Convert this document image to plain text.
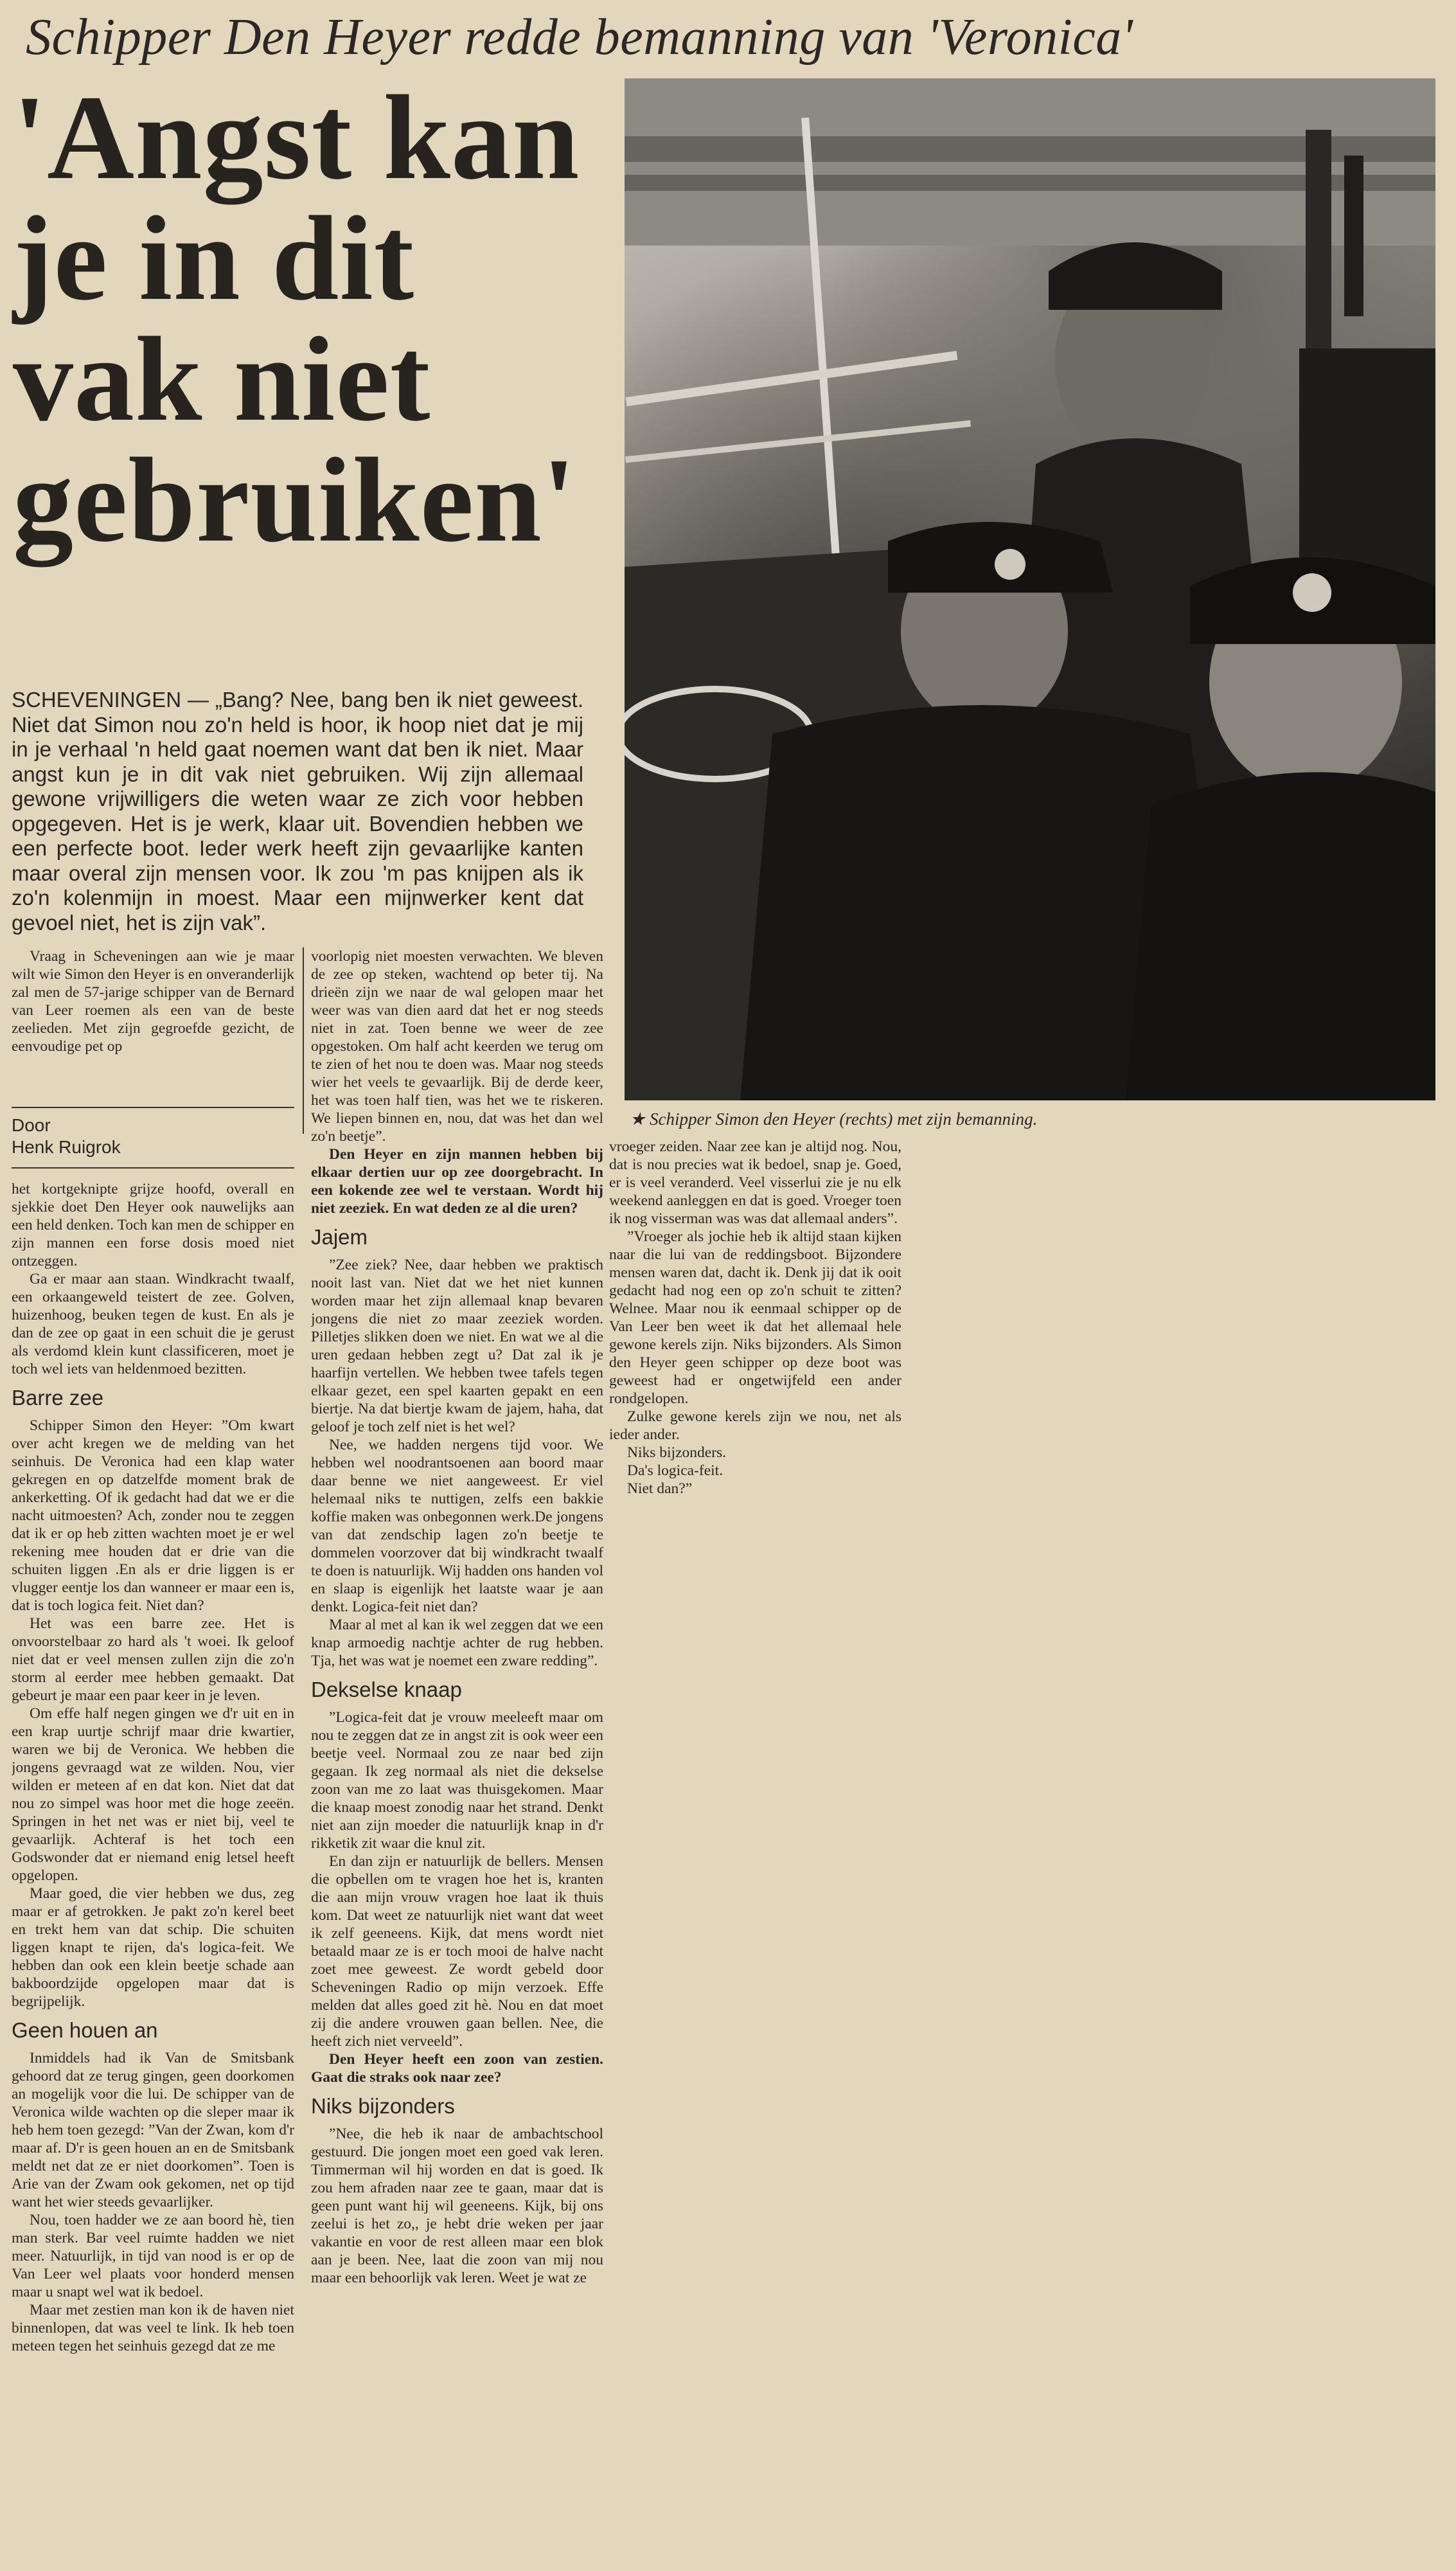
Schipper Den Heyer redde bemanning van 'Veronica'
'Angst kan
je in dit
vak niet
gebruiken'
★ Schipper Simon den Heyer (rechts) met zijn bemanning.
SCHEVENINGEN — „Bang? Nee, bang ben ik niet geweest. Niet dat Simon nou zo'n held is hoor, ik hoop niet dat je mij in je verhaal 'n held gaat noemen want dat ben ik niet. Maar angst kun je in dit vak niet gebruiken. Wij zijn allemaal gewone vrijwilligers die weten waar ze zich voor hebben opgegeven. Het is je werk, klaar uit. Bovendien hebben we een perfecte boot. Ieder werk heeft zijn gevaarlijke kanten maar overal zijn mensen voor. Ik zou 'm pas knijpen als ik zo'n kolenmijn in moest. Maar een mijnwerker kent dat gevoel niet, het is zijn vak”.

Vraag in Scheveningen aan wie je maar wilt wie Simon den Heyer is en onveranderlijk zal men de 57-jarige schipper van de Bernard van Leer roemen als een van de beste zeelieden. Met zijn gegroefde gezicht, de eenvoudige pet op

Door
Henk Ruigrok

het kortgeknipte grijze hoofd, overall en sjekkie doet Den Heyer ook nauwelijks aan een held denken. Toch kan men de schipper en zijn mannen een forse dosis moed niet ontzeggen.

Ga er maar aan staan. Windkracht twaalf, een orkaangeweld teistert de zee. Golven, huizenhoog, beuken tegen de kust. En als je dan de zee op gaat in een schuit die je gerust als verdomd klein kunt classificeren, moet je toch wel iets van heldenmoed bezitten.

Barre zee

Schipper Simon den Heyer: ”Om kwart over acht kregen we de melding van het seinhuis. De Veronica had een klap water gekregen en op datzelfde moment brak de ankerketting. Of ik gedacht had dat we er die nacht uitmoesten? Ach, zonder nou te zeggen dat ik er op heb zitten wachten moet je er wel rekening mee houden dat er drie van die schuiten liggen .En als er drie liggen is er vlugger eentje los dan wanneer er maar een is, dat is toch logica feit. Niet dan?

Het was een barre zee. Het is onvoorstelbaar zo hard als 't woei. Ik geloof niet dat er veel mensen zullen zijn die zo'n storm al eerder mee hebben gemaakt. Dat gebeurt je maar een paar keer in je leven.

Om effe half negen gingen we d'r uit en in een krap uurtje schrijf maar drie kwartier, waren we bij de Veronica. We hebben die jongens gevraagd wat ze wilden. Nou, vier wilden er meteen af en dat kon. Niet dat dat nou zo simpel was hoor met die hoge zeeën. Springen in het net was er niet bij, veel te gevaarlijk. Achteraf is het toch een Godswonder dat er niemand enig letsel heeft opgelopen.

Maar goed, die vier hebben we dus, zeg maar er af getrokken. Je pakt zo'n kerel beet en trekt hem van dat schip. Die schuiten liggen knapt te rijen, da's logica-feit. We hebben dan ook een klein beetje schade aan bakboordzijde opgelopen maar dat is begrijpelijk.

Geen houen an

Inmiddels had ik Van de Smitsbank gehoord dat ze terug gingen, geen doorkomen an mogelijk voor die lui. De schipper van de Veronica wilde wachten op die sleper maar ik heb hem toen gezegd: ”Van der Zwan, kom d'r maar af. D'r is geen houen an en de Smitsbank meldt net dat ze er niet doorkomen”. Toen is Arie van der Zwam ook gekomen, net op tijd want het wier steeds gevaarlijker.

Nou, toen hadder we ze aan boord hè, tien man sterk. Bar veel ruimte hadden we niet meer. Natuurlijk, in tijd van nood is er op de Van Leer wel plaats voor honderd mensen maar u snapt wel wat ik bedoel.

Maar met zestien man kon ik de haven niet binnenlopen, dat was veel te link. Ik heb toen meteen tegen het seinhuis gezegd dat ze me

voorlopig niet moesten verwachten. We bleven de zee op steken, wachtend op beter tij. Na drieën zijn we naar de wal gelopen maar het weer was van dien aard dat het er nog steeds niet in zat. Toen benne we weer de zee opgestoken. Om half acht keerden we terug om te zien of het nou te doen was. Maar nog steeds wier het veels te gevaarlijk. Bij de derde keer, het was toen half tien, was het we te riskeren. We liepen binnen en, nou, dat was het dan wel zo'n beetje”.

Den Heyer en zijn mannen hebben bij elkaar dertien uur op zee doorgebracht. In een kokende zee wel te verstaan. Wordt hij niet zeeziek. En wat deden ze al die uren?

Jajem

”Zee ziek? Nee, daar hebben we praktisch nooit last van. Niet dat we het niet kunnen worden maar het zijn allemaal knap bevaren jongens die niet zo maar zeeziek worden. Pilletjes slikken doen we niet. En wat we al die uren gedaan hebben zegt u? Dat zal ik je haarfijn vertellen. We hebben twee tafels tegen elkaar gezet, een spel kaarten gepakt en een biertje. Na dat biertje kwam de jajem, haha, dat geloof je toch zelf niet is het wel?

Nee, we hadden nergens tijd voor. We hebben wel noodrantsoenen aan boord maar daar benne we niet aangeweest. Er viel helemaal niks te nuttigen, zelfs een bakkie koffie maken was onbegonnen werk.De jongens van dat zendschip lagen zo'n beetje te dommelen voorzover dat bij windkracht twaalf te doen is natuurlijk. Wij hadden ons handen vol en slaap is eigenlijk het laatste waar je aan denkt. Logica-feit niet dan?

Maar al met al kan ik wel zeggen dat we een knap armoedig nachtje achter de rug hebben. Tja, het was wat je noemet een zware redding”.

Dekselse knaap

”Logica-feit dat je vrouw meeleeft maar om nou te zeggen dat ze in angst zit is ook weer een beetje veel. Normaal zou ze naar bed zijn gegaan. Ik zeg normaal als niet die dekselse zoon van me zo laat was thuisgekomen. Maar die knaap moest zonodig naar het strand. Denkt niet aan zijn moeder die natuurlijk knap in d'r rikketik zit waar die knul zit.

En dan zijn er natuurlijk de bellers. Mensen die opbellen om te vragen hoe het is, kranten die aan mijn vrouw vragen hoe laat ik thuis kom. Dat weet ze natuurlijk niet want dat weet ik zelf geeneens. Kijk, dat mens wordt niet betaald maar ze is er toch mooi de halve nacht zoet mee geweest. Ze wordt gebeld door Scheveningen Radio op mijn verzoek. Effe melden dat alles goed zit hè. Nou en dat moet zij die andere vrouwen gaan bellen. Nee, die heeft zich niet verveeld”.

Den Heyer heeft een zoon van zestien. Gaat die straks ook naar zee?

Niks bijzonders

”Nee, die heb ik naar de ambachtschool gestuurd. Die jongen moet een goed vak leren. Timmerman wil hij worden en dat is goed. Ik zou hem afraden naar zee te gaan, maar dat is geen punt want hij wil geeneens. Kijk, bij ons zeelui is het zo,, je hebt drie weken per jaar vakantie en voor de rest alleen maar een blok aan je been. Nee, laat die zoon van mij nou maar een behoorlijk vak leren. Weet je wat ze

vroeger zeiden. Naar zee kan je altijd nog. Nou, dat is nou precies wat ik bedoel, snap je. Goed, er is veel veranderd. Veel visserlui zie je nu elk weekend aanleggen en dat is goed. Vroeger toen ik nog visserman was was dat allemaal anders”.

”Vroeger als jochie heb ik altijd staan kijken naar die lui van de reddingsboot. Bijzondere mensen waren dat, dacht ik. Denk jij dat ik ooit gedacht had nog een op zo'n schuit te zitten? Welnee. Maar nou ik eenmaal schipper op de Van Leer ben weet ik dat het allemaal hele gewone kerels zijn. Niks bijzonders. Als Simon den Heyer geen schipper op deze boot was geweest had er ongetwijfeld een ander rondgelopen.

Zulke gewone kerels zijn we nou, net als ieder ander.

Niks bijzonders.

Da's logica-feit.

Niet dan?”
